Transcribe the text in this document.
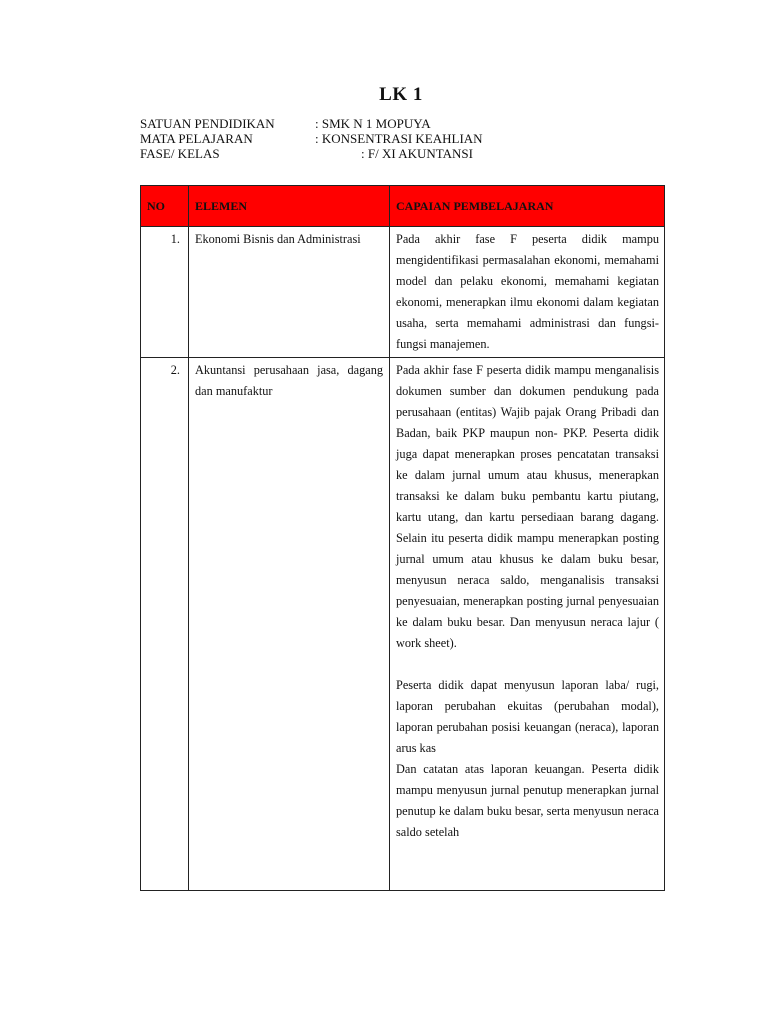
LK 1
SATUAN PENDIDIKAN	: SMK N 1 MOPUYA
MATA PELAJARAN	: KONSENTRASI KEAHLIAN
FASE/ KELAS	: F/ XI AKUNTANSI
NO	ELEMEN	CAPAIAN PEMBELAJARAN
1.	Ekonomi Bisnis dan Administrasi	Pada akhir fase F peserta didik mampu mengidentifikasi permasalahan ekonomi, memahami model dan pelaku ekonomi, memahami kegiatan ekonomi, menerapkan ilmu ekonomi dalam kegiatan usaha, serta memahami administrasi dan fungsi- fungsi manajemen.

2.	Akuntansi perusahaan jasa, dagang dan manufaktur	Pada akhir fase F peserta didik mampu menganalisis dokumen sumber dan dokumen pendukung pada perusahaan (entitas) Wajib pajak Orang Pribadi dan Badan, baik PKP maupun non- PKP. Peserta didik juga dapat menerapkan proses pencatatan transaksi ke dalam jurnal umum atau khusus, menerapkan transaksi ke dalam buku pembantu kartu piutang, kartu utang, dan kartu persediaan barang dagang. Selain itu peserta didik mampu menerapkan posting jurnal umum atau khusus ke dalam buku besar, menyusun neraca saldo, menganalisis transaksi penyesuaian, menerapkan posting jurnal penyesuaian ke dalam buku besar. Dan menyusun neraca lajur ( work sheet).
Peserta didik dapat menyusun laporan laba/ rugi, laporan perubahan ekuitas (perubahan modal), laporan perubahan posisi keuangan (neraca), laporan arus kas
Dan catatan atas laporan keuangan. Peserta didik mampu menyusun jurnal penutup menerapkan jurnal penutup ke dalam buku besar, serta menyusun neraca saldo setelah
